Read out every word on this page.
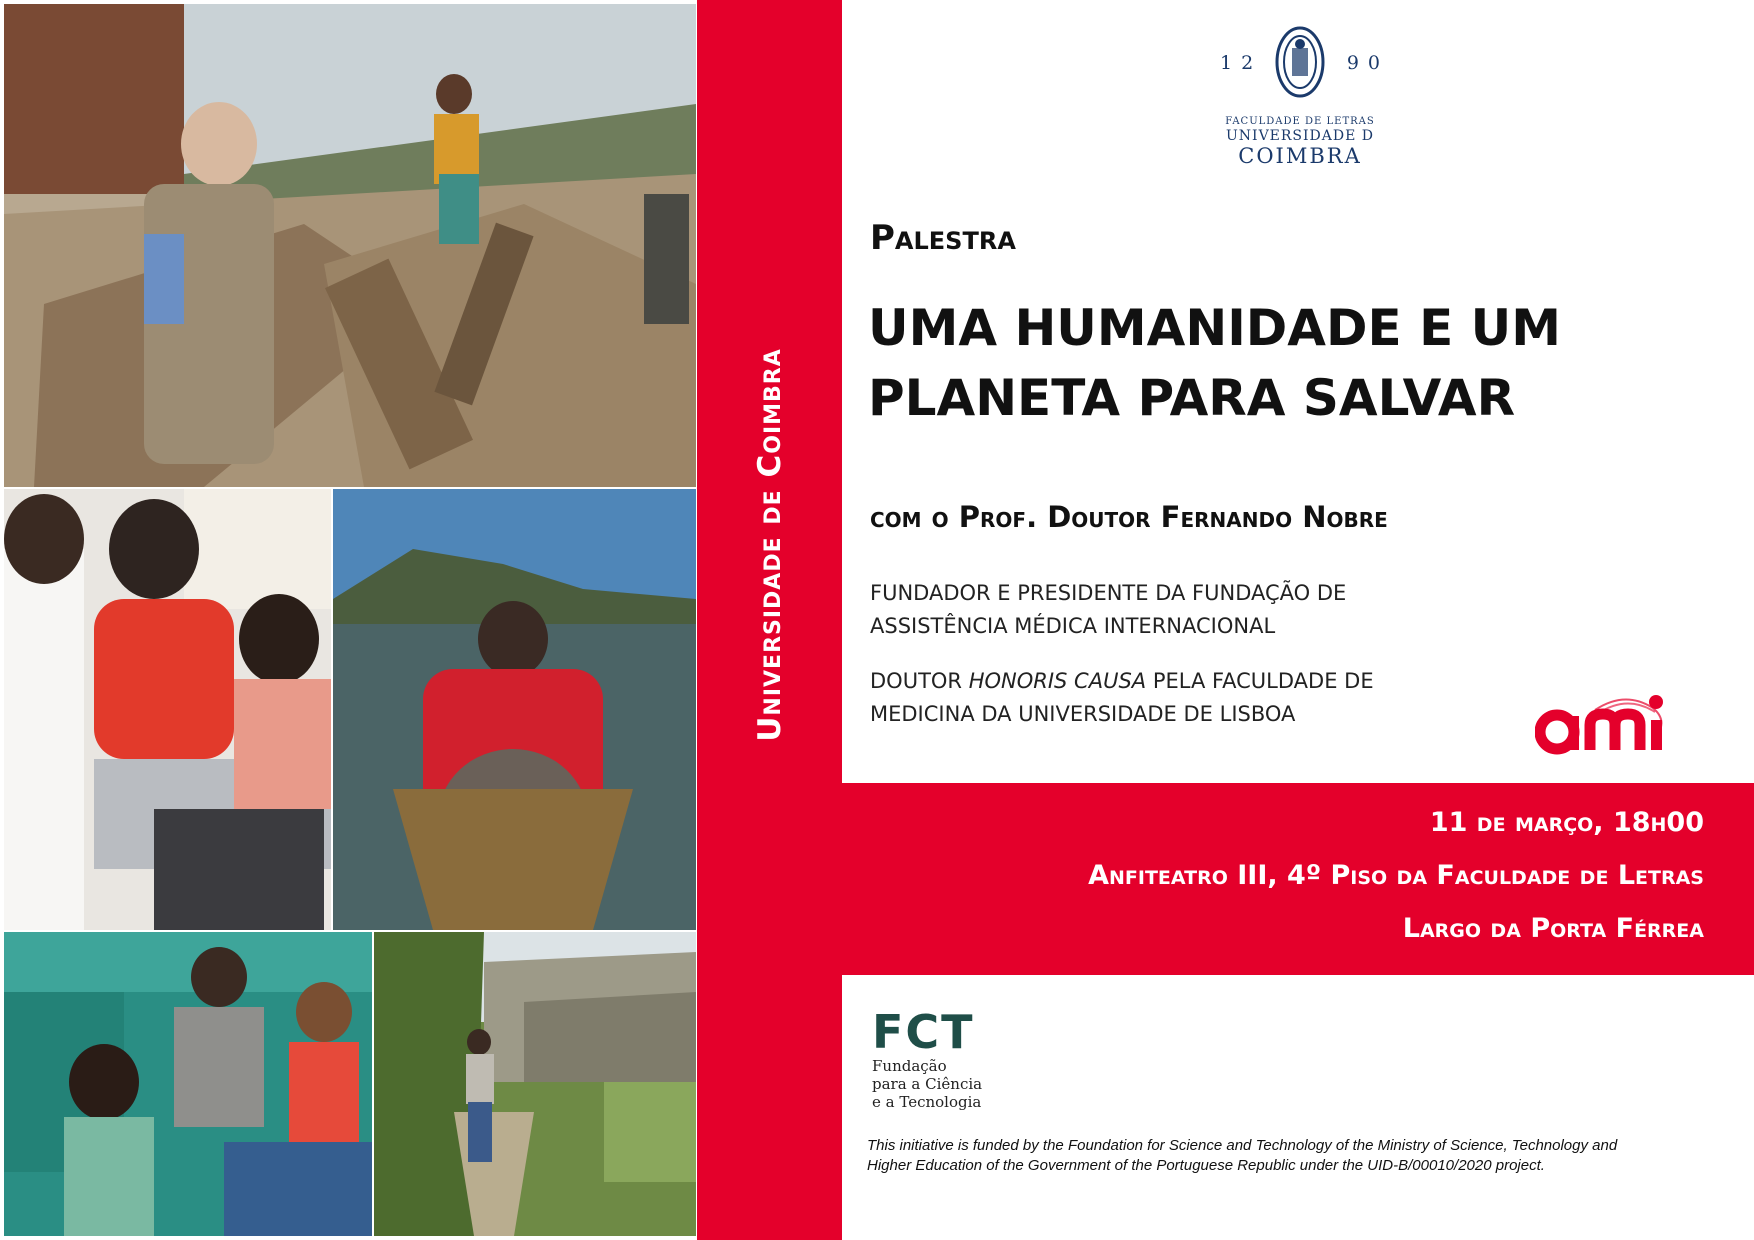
Universidade de Coimbra
12	90
FACULDADE DE LETRAS
UNIVERSIDADE D
COIMBRA
Palestra
UMA HUMANIDADE E UM PLANETA PARA SALVAR
com o Prof. Doutor Fernando Nobre
FUNDADOR E PRESIDENTE DA FUNDAÇÃO DE
ASSISTÊNCIA MÉDICA INTERNACIONAL
DOUTOR HONORIS CAUSA PELA FACULDADE DE
MEDICINA DA UNIVERSIDADE DE LISBOA
11 de março, 18h00
Anfiteatro III, 4º Piso da Faculdade de Letras
Largo da Porta Férrea
FCT
Fundação
para a Ciência
e a Tecnologia
This initiative is funded by the Foundation for Science and Technology of the Ministry of Science, Technology and Higher Education of the Government of the Portuguese Republic under the UID-B/00010/2020 project.
